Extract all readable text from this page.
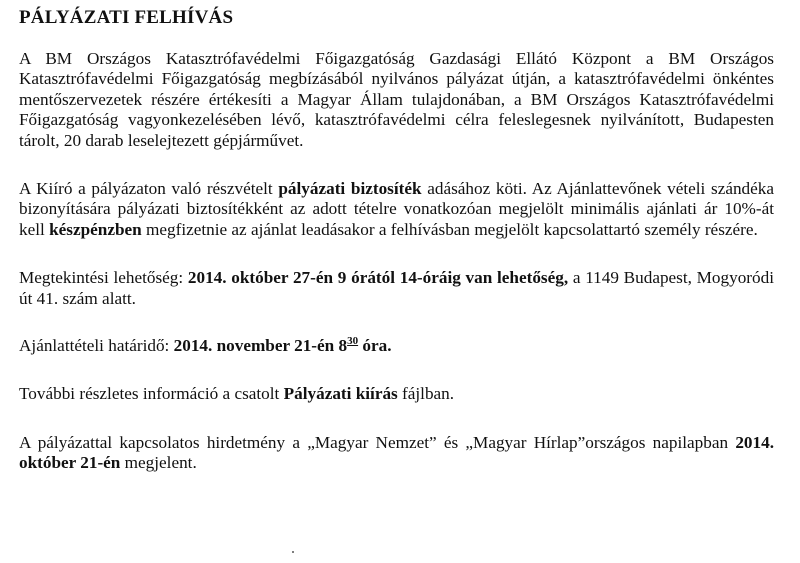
PÁLYÁZATI FELHÍVÁS

A BM Országos Katasztrófavédelmi Főigazgatóság Gazdasági Ellátó Központ a BM Országos Katasztrófavédelmi Főigazgatóság megbízásából nyilvános pályázat útján, a katasztrófavédelmi önkéntes mentőszervezetek részére értékesíti a Magyar Állam tulajdonában, a BM Országos Katasztrófavédelmi Főigazgatóság vagyonkezelésében lévő, katasztrófavédelmi célra feleslegesnek nyilvánított, Budapesten tárolt, 20 darab leselejtezett gépjárművet.

A Kiíró a pályázaton való részvételt pályázati biztosíték adásához köti. Az Ajánlattevőnek vételi szándéka bizonyítására pályázati biztosítékként az adott tételre vonatkozóan megjelölt minimális ajánlati ár 10%-át kell készpénzben megfizetnie az ajánlat leadásakor a felhívásban megjelölt kapcsolattartó személy részére.

Megtekintési lehetőség: 2014. október 27-én 9 órától 14-óráig van lehetőség, a 1149 Budapest, Mogyoródi út 41. szám alatt.

Ajánlattételi határidő: 2014. november 21-én $8^{30}$ óra.

További részletes információ a csatolt Pályázati kiírás fájlban.

A pályázattal kapcsolatos hirdetmény a „Magyar Nemzet” és „Magyar Hírlap”országos napilapban 2014. október 21-én megjelent.
